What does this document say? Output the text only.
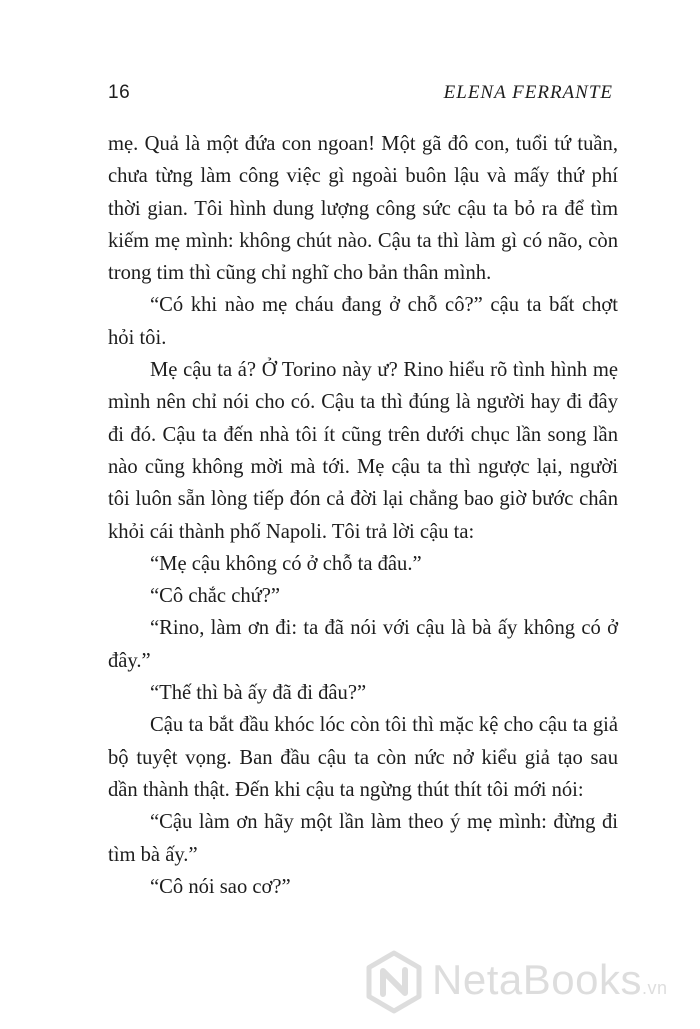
16	ELENA FERRANTE

mẹ. Quả là một đứa con ngoan! Một gã đô con, tuổi tứ tuần, chưa từng làm công việc gì ngoài buôn lậu và mấy thứ phí thời gian. Tôi hình dung lượng công sức cậu ta bỏ ra để tìm kiếm mẹ mình: không chút nào. Cậu ta thì làm gì có não, còn trong tim thì cũng chỉ nghĩ cho bản thân mình.

“Có khi nào mẹ cháu đang ở chỗ cô?” cậu ta bất chợt hỏi tôi.

Mẹ cậu ta á? Ở Torino này ư? Rino hiểu rõ tình hình mẹ mình nên chỉ nói cho có. Cậu ta thì đúng là người hay đi đây đi đó. Cậu ta đến nhà tôi ít cũng trên dưới chục lần song lần nào cũng không mời mà tới. Mẹ cậu ta thì ngược lại, người tôi luôn sẵn lòng tiếp đón cả đời lại chẳng bao giờ bước chân khỏi cái thành phố Napoli. Tôi trả lời cậu ta:

“Mẹ cậu không có ở chỗ ta đâu.”

“Cô chắc chứ?”

“Rino, làm ơn đi: ta đã nói với cậu là bà ấy không có ở đây.”

“Thế thì bà ấy đã đi đâu?”

Cậu ta bắt đầu khóc lóc còn tôi thì mặc kệ cho cậu ta giả bộ tuyệt vọng. Ban đầu cậu ta còn nức nở kiểu giả tạo sau dần thành thật. Đến khi cậu ta ngừng thút thít tôi mới nói:

“Cậu làm ơn hãy một lần làm theo ý mẹ mình: đừng đi tìm bà ấy.”

“Cô nói sao cơ?”

NetaBooks.vn
